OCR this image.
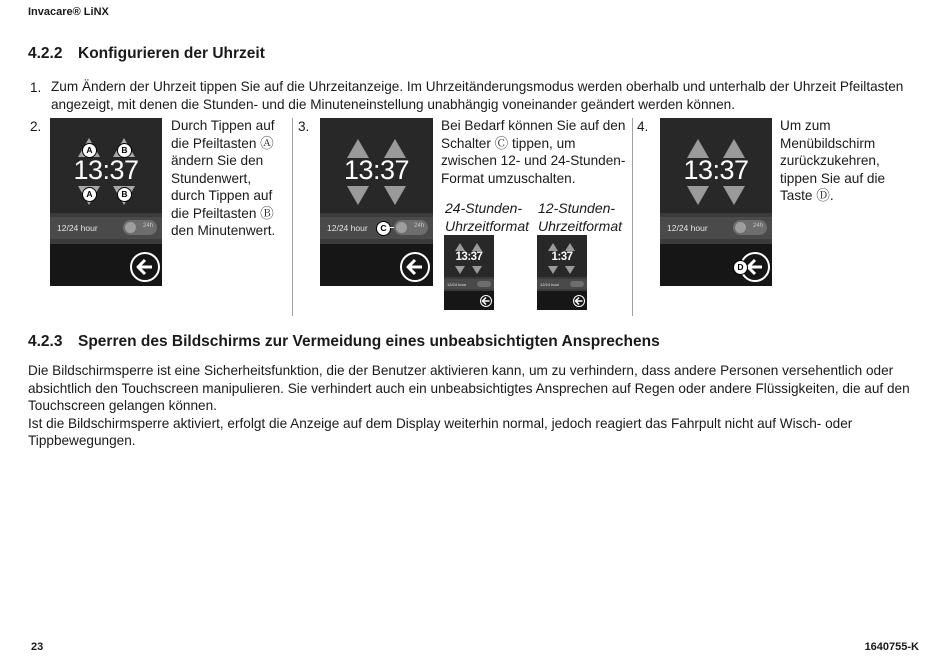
Invacare® LiNX
4.2.2 Konfigurieren der Uhrzeit
1. Zum Ändern der Uhrzeit tippen Sie auf die Uhrzeitanzeige. Im Uhrzeitänderungsmodus werden oberhalb und unterhalb der Uhrzeit Pfeiltasten
angezeigt, mit denen die Stunden- und die Minuteneinstellung unabhängig voneinander geändert werden können.
2.
A	B
13:37
A	B
12/24 hour	24h
Durch Tippen auf
die Pfeiltasten Ⓐ
ändern Sie den
Stundenwert,
durch Tippen auf
die Pfeiltasten Ⓑ
den Minutenwert.
3.
13:37
12/24 hour	C	24h
Bei Bedarf können Sie auf den
Schalter Ⓒ tippen, um
zwischen 12- und 24-Stunden-
Format umzuschalten.
24-Stunden-
Uhrzeitformat
12-Stunden-
Uhrzeitformat
13:37
12/24 hour
1:37
12/24 hour
4.
13:37
12/24 hour	24h
D
Um zum
Menübildschirm
zurückzukehren,
tippen Sie auf die
Taste Ⓓ.
4.2.3 Sperren des Bildschirms zur Vermeidung eines unbeabsichtigten Ansprechens
Die Bildschirmsperre ist eine Sicherheitsfunktion, die der Benutzer aktivieren kann, um zu verhindern, dass andere Personen versehentlich oder
absichtlich den Touchscreen manipulieren. Sie verhindert auch ein unbeabsichtigtes Ansprechen auf Regen oder andere Flüssigkeiten, die auf den
Touchscreen gelangen können.
Ist die Bildschirmsperre aktiviert, erfolgt die Anzeige auf dem Display weiterhin normal, jedoch reagiert das Fahrpult nicht auf Wisch- oder
Tippbewegungen.
23	1640755-K
